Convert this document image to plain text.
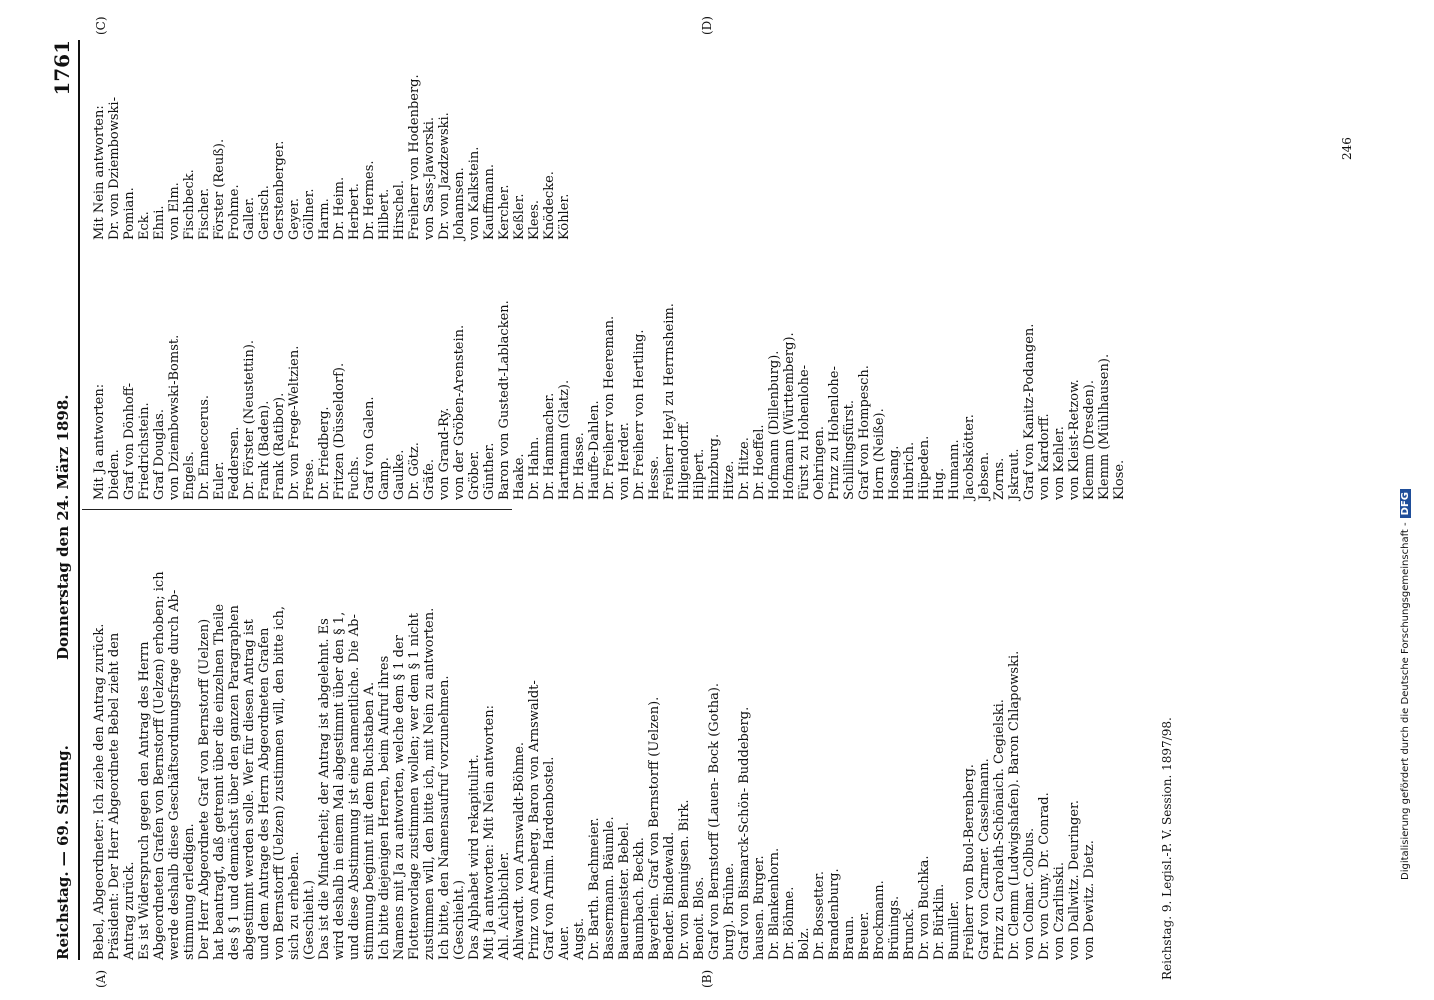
Reichstag. — 69. Sitzung.
Donnerstag den 24. März 1898.
1761

Bebel, Abgeordneter: Ich ziehe den Antrag zurück. Präsident: Der Herr Abgeordnete Bebel zieht den Antrag zurück. Es ist Widerspruch gegen den Antrag des Herrn Abgeordneten Grafen von Bernstorff (Uelzen) erhoben; ich werde deshalb diese Geschäftsordnungsfrage durch Ab- stimmung erledigen. Der Herr Abgeordnete Graf von Bernstorff (Uelzen) hat beantragt, daß getrennt über die einzelnen Theile des § 1 und demnächst über den ganzen Paragraphen abgestimmt werden solle. Wer für diesen Antrag ist und dem Antrage des Herrn Abgeordneten Grafen von Bernstorff (Uelzen) zustimmen will, den bitte ich, sich zu erheben. (Geschieht.) Das ist die Minderheit; der Antrag ist abgelehnt. Es wird deshalb in einem Mal abgestimmt über den § 1, und diese Abstimmung ist eine namentliche. Die Ab- stimmung beginnt mit dem Buchstaben A. Ich bitte diejenigen Herren, beim Aufruf ihres Namens mit Ja zu antworten, welche dem § 1 der Flottenvorlage zustimmen wollen; wer dem § 1 nicht zustimmen will, den bitte ich, mit Nein zu antworten. Ich bitte, den Namensaufruf vorzunehmen. (Geschieht.) Das Alphabet wird rekapitulirt. Mit Ja antworten: Mit Nein antworten: Ahl. Aichbichler. Ahlwardt. von Arnswaldt-Böhme. Prinz von Arenberg. Baron von Arnswaldt- Graf von Arnim. Hardenbostel. Auer. Augst. Dr. Barth. Bachmeier. Bassermann. Bäumle. Bauermeister. Bebel. Baumbach. Beckh. Bayerlein. Graf von Bernstorff (Uelzen). Bender. Bindewald. Dr. von Bennigsen. Birk. Benoit. Blos. Graf von Bernstorff (Lauen- Bock (Gotha). burg). Brühne. Graf von Bismarck-Schön- Buddeberg. hausen. Burger. Dr. Blankenhorn. Dr. Böhme. Bolz. Dr. Bossetter. Brandenburg. Braun. Breuer. Brockmann. Brünings. Brunck. Dr. von Buchka. Dr. Bürklin. Bumiller. Freiherr von Buol-Berenberg. Graf von Carmer. Casselmann. Prinz zu Carolath-Schönaich. Cegielski. Dr. Clemm (Ludwigshafen). Baron Chlapowski. von Colmar. Colbus. Dr. von Cuny. Dr. Conrad. von Czarlinski. von Dallwitz. Deuringer. von Dewitz. Dietz.

Mit Ja antworten: Dieden. Graf von Dönhoff- Friedrichstein. Graf Douglas. von Dziembowski-Bomst. Engels. Dr. Enneccerus. Euler. Feddersen. Dr. Förster (Neustettin). Frank (Baden). Frank (Ratibor). Dr. von Frege-Weltzien. Frese. Dr. Friedberg. Fritzen (Düsseldorf). Fuchs. Graf von Galen. Gamp. Gaulke. Dr. Götz. Gräfe. von Grand-Ry. von der Gröben-Arenstein. Gröber. Günther. Baron von Gustedt-Lablacken. Haake. Dr. Hahn. Dr. Hammacher. Hartmann (Glatz). Dr. Hasse. Hauffe-Dahlen. Dr. Freiherr von Heereman. von Herder. Dr. Freiherr von Hertling. Hesse. Freiherr Heyl zu Herrnsheim. Hilgendorff. Hilpert. Hinzburg. Hitze. Dr. Hitze. Dr. Hoeffel. Hofmann (Dillenburg). Hofmann (Württemberg). Fürst zu Hohenlohe- Oehringen. Prinz zu Hohenlohe- Schillingsfürst. Graf von Hompesch. Horn (Neiße). Hosang. Hubrich. Hüpeden. Hug. Humann. Jacobskötter. Jebsen. Zorns. Jskraut. Graf von Kanitz-Podangen. von Kardorff. von Kehler. von Kleist-Retzow. Klemm (Dresden). Klemm (Mühlhausen). Klose.

Mit Nein antworten: Dr. von Dziembowski- Pomian. Eck. Ehni. von Elm. Fischbeck. Fischer. Förster (Reuß). Frohme. Galler. Gerisch. Gerstenberger. Geyer. Göllner. Harm. Dr. Heim. Herbert. Dr. Hermes. Hilbert. Hirschel. Freiherr von Hodenberg. von Sass-Jaworski. Dr. von Jazdzewski. Johannsen. von Kalkstein. Kauffmann. Kercher. Keßler. Klees. Knödecke. Köhler.

(A)	(B)
(C)	(D)
Reichstag. 9. Legisl.-P. V. Session. 1897/98.
246
Digitalisierung gefördert durch die Deutsche Forschungsgemeinschaft -DFG
